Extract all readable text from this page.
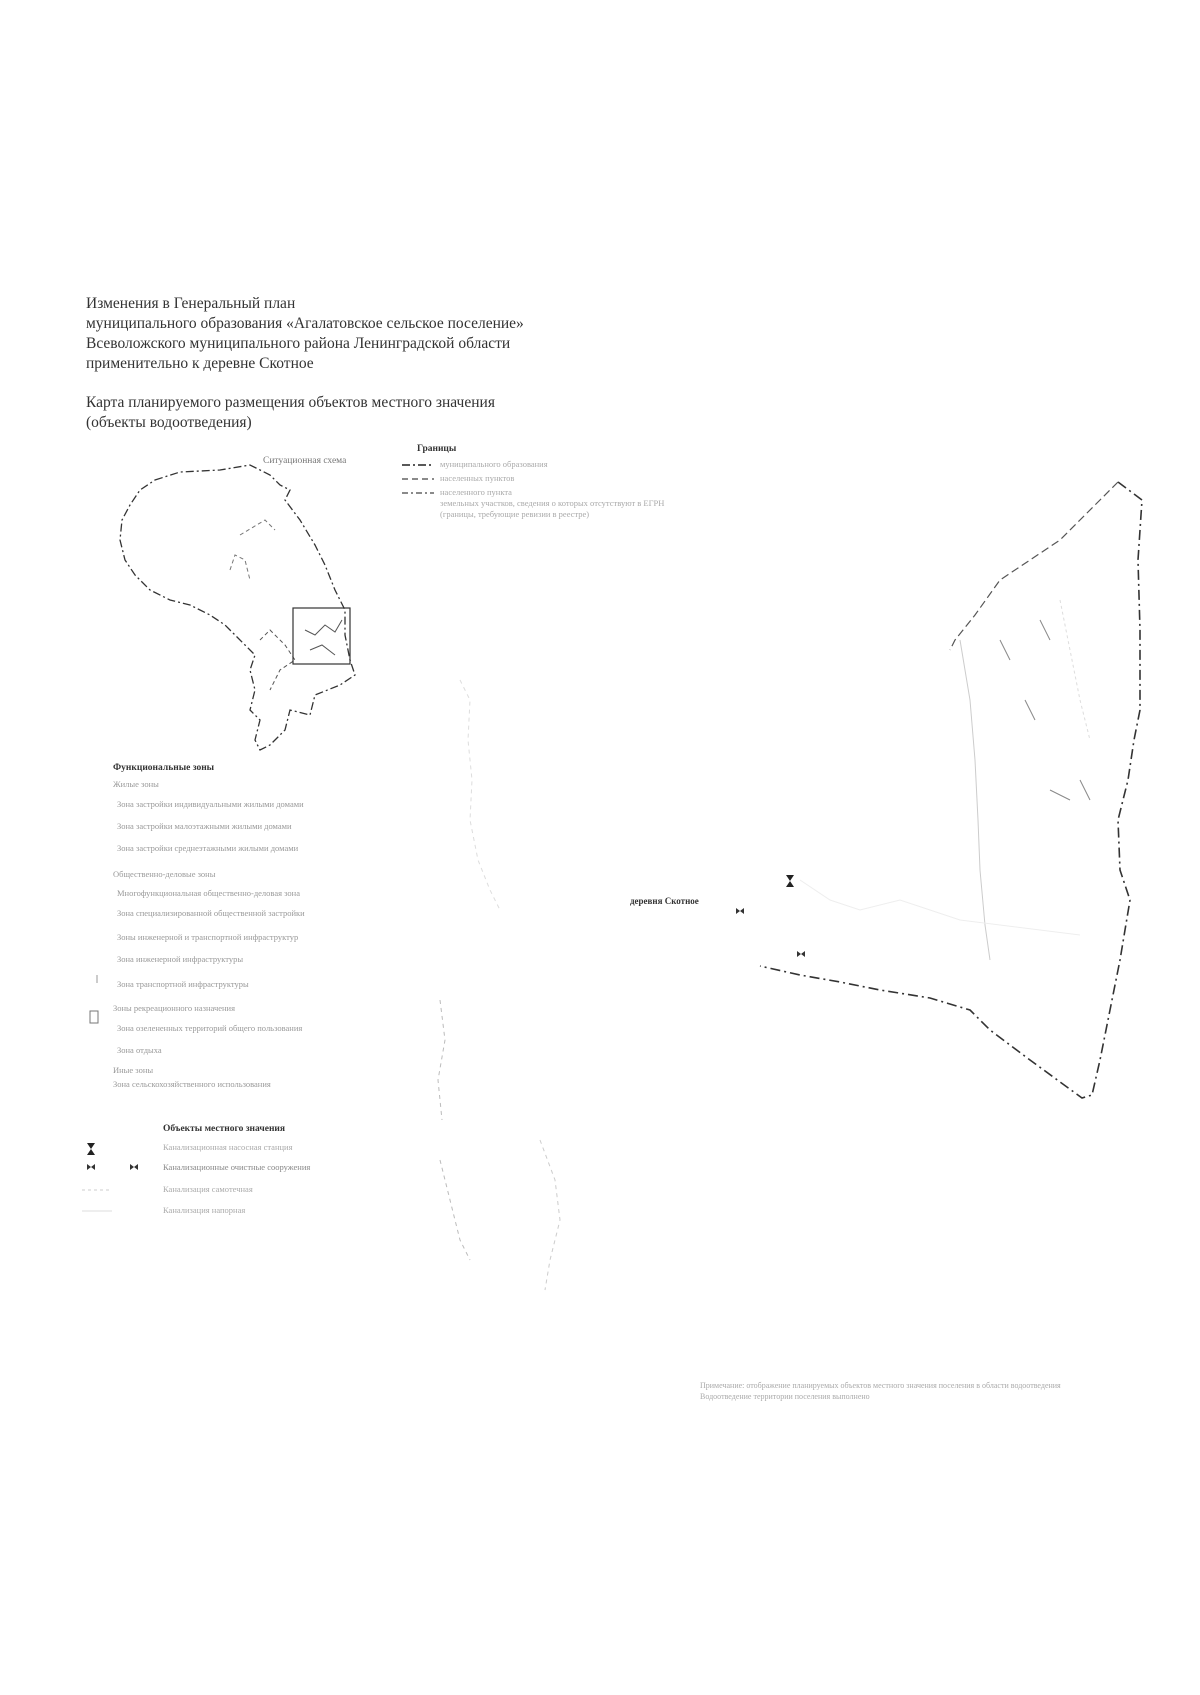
Изменения в Генеральный план
муниципального образования «Агалатовское сельское поселение»
Всеволожского муниципального района Ленинградской области
применительно к деревне Скотное
Карта планируемого размещения объектов местного значения
(объекты водоотведения)
Ситуационная схема
Границы
муниципального образования
населенных пунктов
населенного пункта
земельных участков, сведения о которых отсутствуют в ЕГРН
(границы, требующие ревизии в реестре)
Функциональные зоны
Жилые зоны
Зона застройки индивидуальными жилыми домами
Зона застройки малоэтажными жилыми домами
Зона застройки среднеэтажными жилыми домами
Общественно-деловые зоны
Многофункциональная общественно-деловая зона
Зона специализированной общественной застройки
Зоны инженерной и транспортной инфраструктур
Зона инженерной инфраструктуры
Зона транспортной инфраструктуры
Зоны рекреационного назначения
Зона озелененных территорий общего пользования
Зона отдыха
Иные зоны
Зона сельскохозяйственного использования
Объекты местного значения
Канализационная насосная станция
Канализационные очистные сооружения
Канализация самотечная
Канализация напорная
деревня Скотное
Примечание: отображение планируемых объектов местного значения поселения в области водоотведения
Водоотведение территории поселения выполнено
